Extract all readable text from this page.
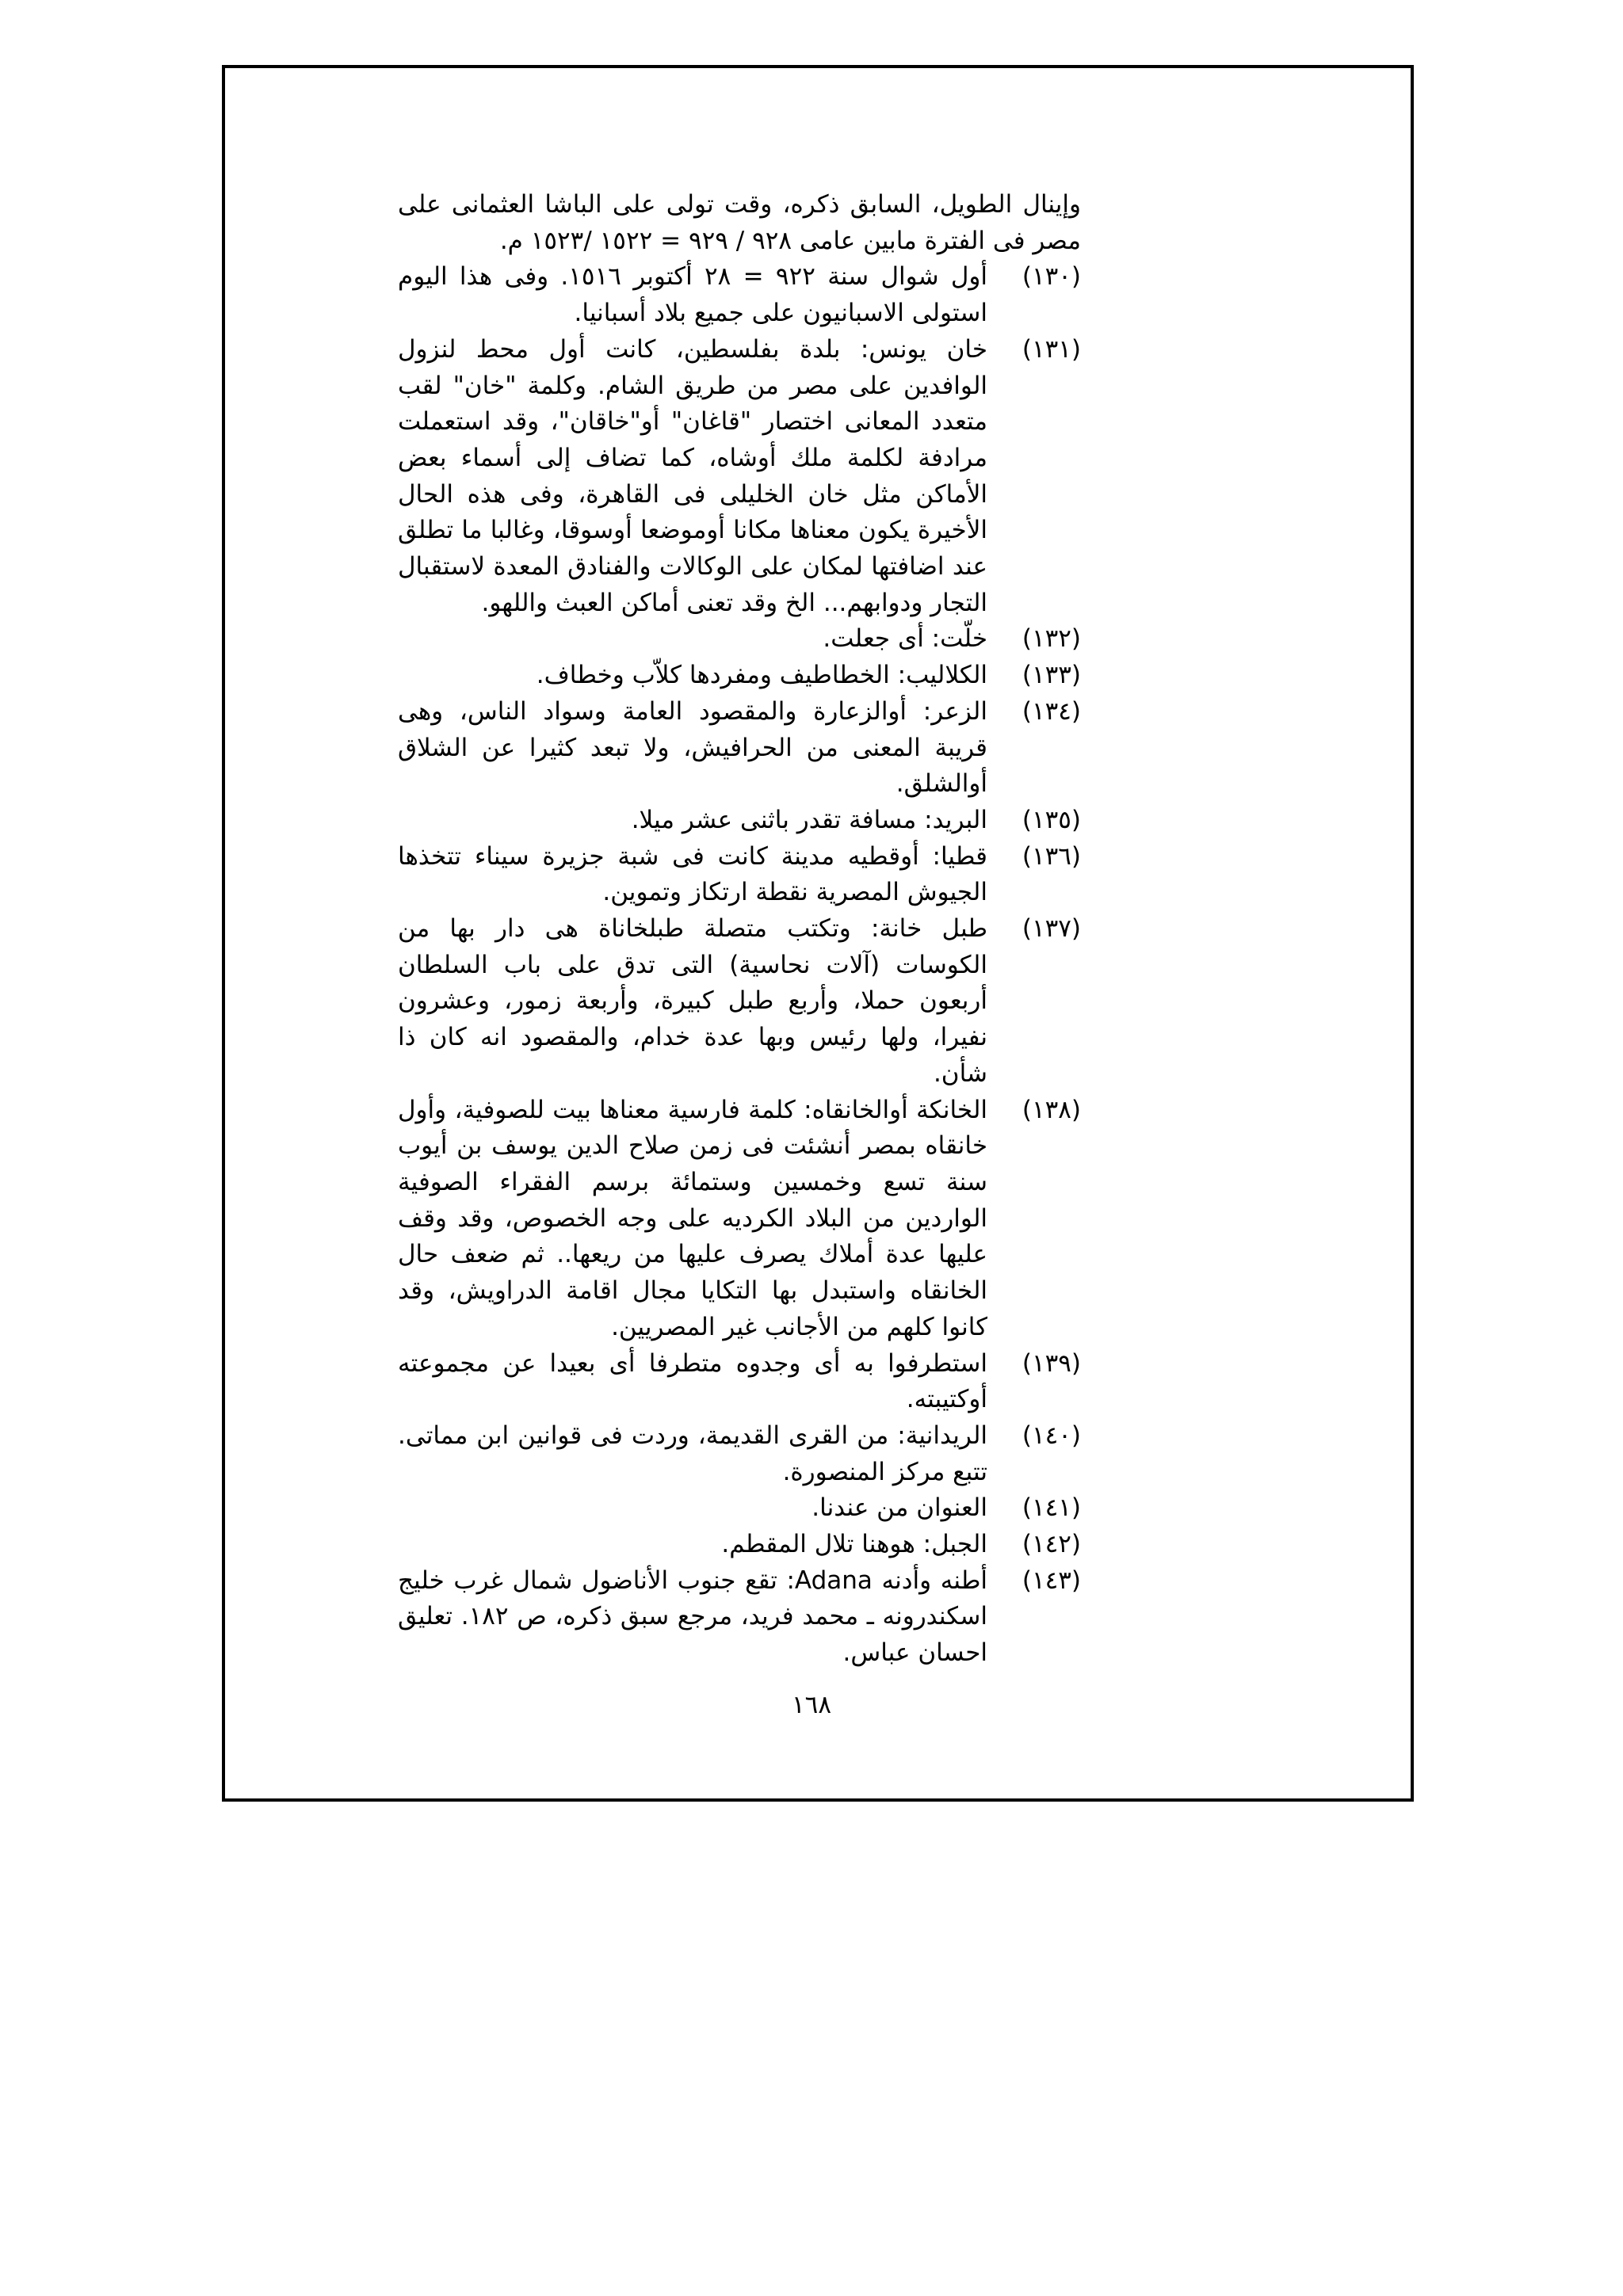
وإينال الطويل، السابق ذكره، وقت تولى على الباشا العثمانى على مصر فى الفترة مابين عامى ٩٢٨ / ٩٢٩ = ١٥٢٢ /١٥٢٣ م.

(١٣٠)
أول شوال سنة ٩٢٢ = ٢٨ أكتوبر ١٥١٦. وفى هذا اليوم استولى الاسبانيون على جميع بلاد أسبانيا.

(١٣١)
خان يونس: بلدة بفلسطين، كانت أول محط لنزول الوافدين على مصر من طريق الشام. وكلمة "خان" لقب متعدد المعانى اختصار "قاغان" أو"خاقان"، وقد استعملت مرادفة لكلمة ملك أوشاه، كما تضاف إلى أسماء بعض الأماكن مثل خان الخليلى فى القاهرة، وفى هذه الحال الأخيرة يكون معناها مكانا أوموضعا أوسوقا، وغالبا ما تطلق عند اضافتها لمكان على الوكالات والفنادق المعدة لاستقبال التجار ودوابهم... الخ وقد تعنى أماكن العبث واللهو.

(١٣٢)
خلّت: أى جعلت.

(١٣٣)
الكلاليب: الخطاطيف ومفردها كلاّب وخطاف.

(١٣٤)
الزعر: أوالزعارة والمقصود العامة وسواد الناس، وهى قريبة المعنى من الحرافيش، ولا تبعد كثيرا عن الشلاق أوالشلق.

(١٣٥)
البريد: مسافة تقدر باثنى عشر ميلا.

(١٣٦)
قطيا: أوقطيه مدينة كانت فى شبة جزيرة سيناء تتخذها الجيوش المصرية نقطة ارتكاز وتموين.

(١٣٧)
طبل خانة: وتكتب متصلة طبلخاناة هى دار بها من الكوسات (آلات نحاسية) التى تدق على باب السلطان أربعون حملا، وأربع طبل كبيرة، وأربعة زمور، وعشرون نفيرا، ولها رئيس وبها عدة خدام، والمقصود انه كان ذا شأن.

(١٣٨)
الخانكة أوالخانقاه: كلمة فارسية معناها بيت للصوفية، وأول خانقاه بمصر أنشئت فى زمن صلاح الدين يوسف بن أيوب سنة تسع وخمسين وستمائة برسم الفقراء الصوفية الواردين من البلاد الكرديه على وجه الخصوص، وقد وقف عليها عدة أملاك يصرف عليها من ريعها.. ثم ضعف حال الخانقاه واستبدل بها التكايا مجال اقامة الدراويش، وقد كانوا كلهم من الأجانب غير المصريين.

(١٣٩)
استطرفوا به أى وجدوه متطرفا أى بعيدا عن مجموعته أوكتيبته.

(١٤٠)
الريدانية: من القرى القديمة، وردت فى قوانين ابن مماتى. تتبع مركز المنصورة.

(١٤١)
العنوان من عندنا.

(١٤٢)
الجبل: هوهنا تلال المقطم.

(١٤٣)
أطنه وأدنه Adana: تقع جنوب الأناضول شمال غرب خليج اسكندرونه ـ محمد فريد، مرجع سبق ذكره، ص ١٨٢. تعليق احسان عباس.

١٦٨
